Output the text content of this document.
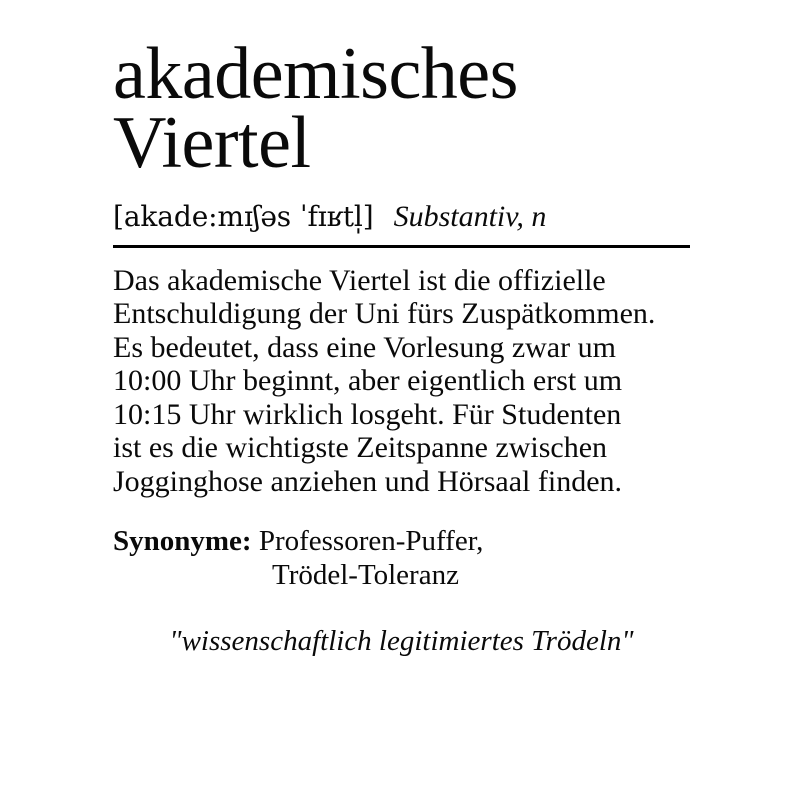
akademisches
Viertel
[akade:mɪʃəs ˈfɪʁtl̩] Substantiv, n
Das akademische Viertel ist die offizielle
Entschuldigung der Uni fürs Zuspätkommen.
Es bedeutet, dass eine Vorlesung zwar um
10:00 Uhr beginnt, aber eigentlich erst um
10:15 Uhr wirklich losgeht. Für Studenten
ist es die wichtigste Zeitspanne zwischen
Jogginghose anziehen und Hörsaal finden.
Synonyme: Professoren-Puffer,
Trödel-Toleranz
"wissenschaftlich legitimiertes Trödeln"
